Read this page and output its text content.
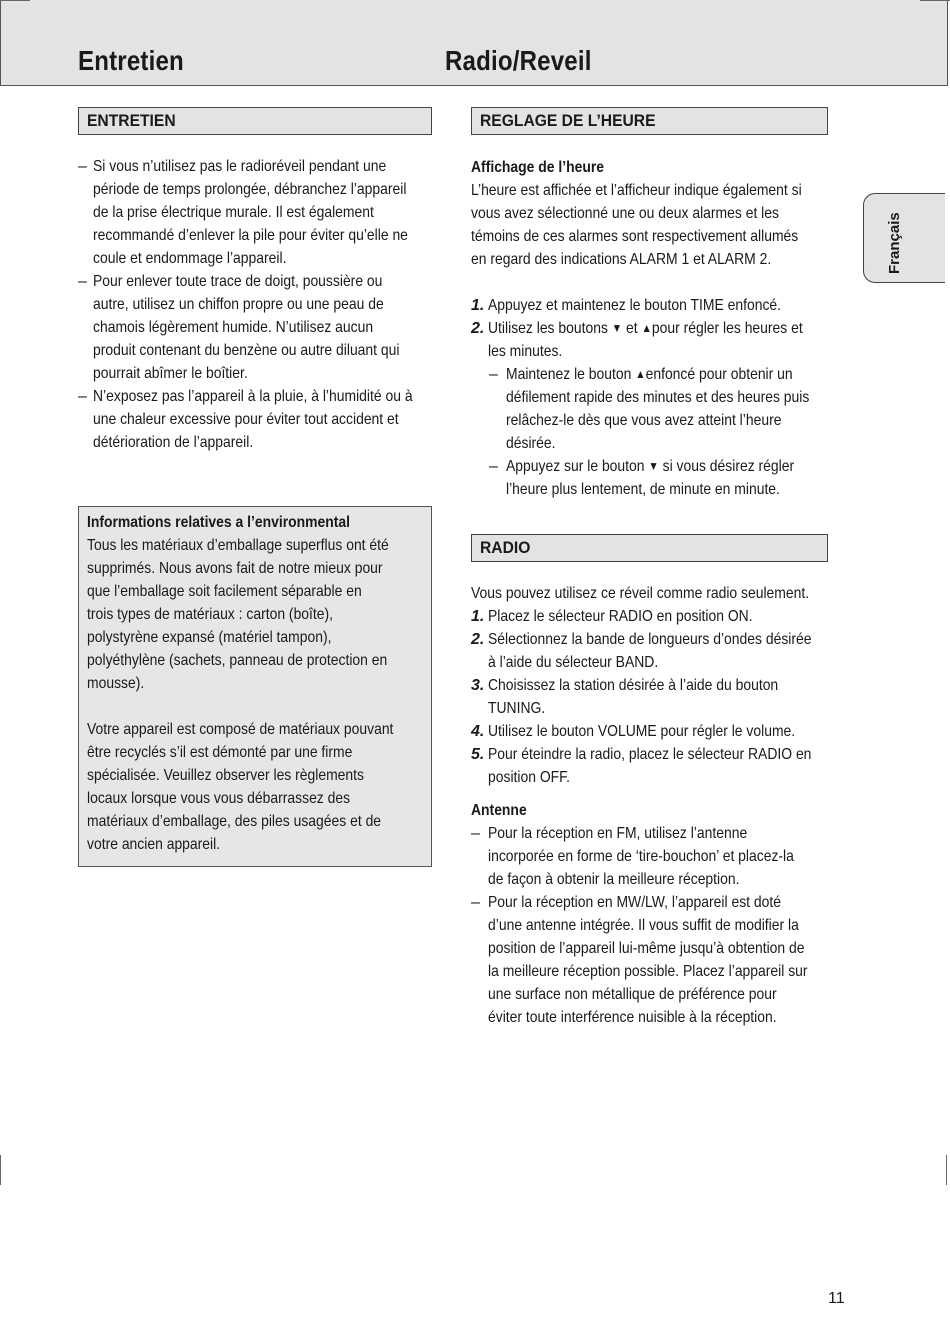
Entretien	Radio/Reveil
Français
ENTRETIEN
– Si vous n’utilisez pas le radioréveil pendant une
période de temps prolongée, débranchez l’appareil
de la prise électrique murale. Il est également
recommandé d’enlever la pile pour éviter qu’elle ne
coule et endommage l’appareil.
– Pour enlever toute trace de doigt, poussière ou
autre, utilisez un chiffon propre ou une peau de
chamois légèrement humide. N’utilisez aucun
produit contenant du benzène ou autre diluant qui
pourrait abîmer le boîtier.
– N’exposez pas l’appareil à la pluie, à l’humidité ou à
une chaleur excessive pour éviter tout accident et
détérioration de l’appareil.
Informations relatives a l’environmental
Tous les matériaux d’emballage superflus ont été
supprimés. Nous avons fait de notre mieux pour
que l’emballage soit facilement séparable en
trois types de matériaux : carton (boîte),
polystyrène expansé (matériel tampon),
polyéthylène (sachets, panneau de protection en
mousse).
Votre appareil est composé de matériaux pouvant
être recyclés s’il est démonté par une firme
spécialisée. Veuillez observer les règlements
locaux lorsque vous vous débarrassez des
matériaux d’emballage, des piles usagées et de
votre ancien appareil.
REGLAGE DE L’HEURE
Affichage de l’heure
L’heure est affichée et l’afficheur indique également si
vous avez sélectionné une ou deux alarmes et les
témoins de ces alarmes sont respectivement allumés
en regard des indications ALARM 1 et ALARM 2.
1. Appuyez et maintenez le bouton TIME enfoncé.
2. Utilisez les boutons ▼ et ▲pour régler les heures et
les minutes.
– Maintenez le bouton ▲enfoncé pour obtenir un
défilement rapide des minutes et des heures puis
relâchez-le dès que vous avez atteint l’heure
désirée.
– Appuyez sur le bouton ▼ si vous désirez régler
l’heure plus lentement, de minute en minute.
RADIO
Vous pouvez utilisez ce réveil comme radio seulement.
1. Placez le sélecteur RADIO en position ON.
2. Sélectionnez la bande de longueurs d’ondes désirée
à l’aide du sélecteur BAND.
3. Choisissez la station désirée à l’aide du bouton
TUNING.
4. Utilisez le bouton VOLUME pour régler le volume.
5. Pour éteindre la radio, placez le sélecteur RADIO en
position OFF.
Antenne
– Pour la réception en FM, utilisez l’antenne
incorporée en forme de ‘tire-bouchon’ et placez-la
de façon à obtenir la meilleure réception.
– Pour la réception en MW/LW, l’appareil est doté
d’une antenne intégrée. Il vous suffit de modifier la
position de l’appareil lui-même jusqu’à obtention de
la meilleure réception possible. Placez l’appareil sur
une surface non métallique de préférence pour
éviter toute interférence nuisible à la réception.
11
